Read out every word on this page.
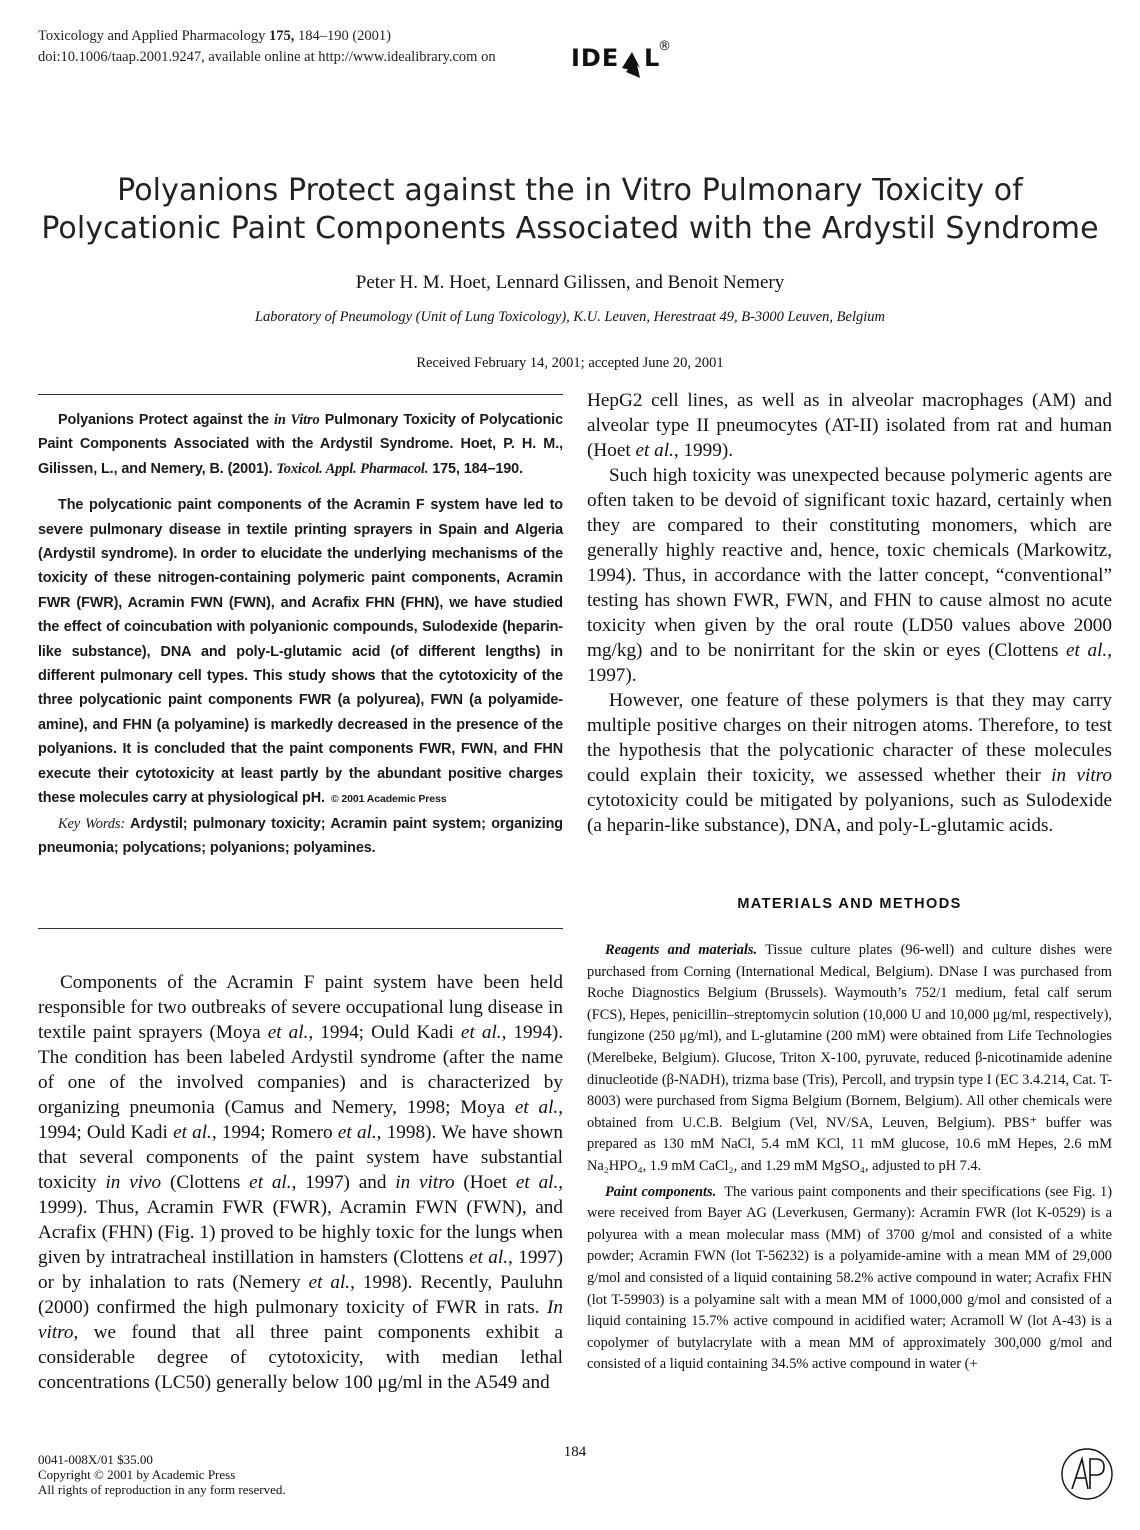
Toxicology and Applied Pharmacology 175, 184–190 (2001)
doi:10.1006/taap.2001.9247, available online at http://www.idealibrary.com on	IDE L
®
Polyanions Protect against the in Vitro Pulmonary Toxicity of
Polycationic Paint Components Associated with the Ardystil Syndrome
Peter H. M. Hoet, Lennard Gilissen, and Benoit Nemery
Laboratory of Pneumology (Unit of Lung Toxicology), K.U. Leuven, Herestraat 49, B-3000 Leuven, Belgium
Received February 14, 2001; accepted June 20, 2001

Polyanions Protect against the in Vitro Pulmonary Toxicity of Polycationic Paint Components Associated with the Ardystil Syndrome. Hoet, P. H. M., Gilissen, L., and Nemery, B. (2001). Toxicol. Appl. Pharmacol. 175, 184–190.

The polycationic paint components of the Acramin F system have led to severe pulmonary disease in textile printing sprayers in Spain and Algeria (Ardystil syndrome). In order to elucidate the underlying mechanisms of the toxicity of these nitrogen-containing polymeric paint components, Acramin FWR (FWR), Acramin FWN (FWN), and Acrafix FHN (FHN), we have studied the effect of coincubation with polyanionic compounds, Sulodexide (heparin-like substance), DNA and poly-L-glutamic acid (of different lengths) in different pulmonary cell types. This study shows that the cytotoxicity of the three polycationic paint components FWR (a polyurea), FWN (a polyamide-amine), and FHN (a polyamine) is markedly decreased in the presence of the polyanions. It is concluded that the paint components FWR, FWN, and FHN execute their cytotoxicity at least partly by the abundant positive charges these molecules carry at physiological pH. © 2001 Academic Press

Key Words: Ardystil; pulmonary toxicity; Acramin paint system; organizing pneumonia; polycations; polyanions; polyamines.

Components of the Acramin F paint system have been held responsible for two outbreaks of severe occupational lung disease in textile paint sprayers (Moya et al., 1994; Ould Kadi et al., 1994). The condition has been labeled Ardystil syndrome (after the name of one of the involved companies) and is characterized by organizing pneumonia (Camus and Nemery, 1998; Moya et al., 1994; Ould Kadi et al., 1994; Romero et al., 1998). We have shown that several components of the paint system have substantial toxicity in vivo (Clottens et al., 1997) and in vitro (Hoet et al., 1999). Thus, Acramin FWR (FWR), Acramin FWN (FWN), and Acrafix (FHN) (Fig. 1) proved to be highly toxic for the lungs when given by intratracheal instillation in hamsters (Clottens et al., 1997) or by inhalation to rats (Nemery et al., 1998). Recently, Pauluhn (2000) confirmed the high pulmonary toxicity of FWR in rats. In vitro, we found that all three paint components exhibit a considerable degree of cytotoxicity, with median lethal concentrations (LC50) generally below 100 μg/ml in the A549 and

HepG2 cell lines, as well as in alveolar macrophages (AM) and alveolar type II pneumocytes (AT-II) isolated from rat and human (Hoet et al., 1999).

Such high toxicity was unexpected because polymeric agents are often taken to be devoid of significant toxic hazard, certainly when they are compared to their constituting monomers, which are generally highly reactive and, hence, toxic chemicals (Markowitz, 1994). Thus, in accordance with the latter concept, “conventional” testing has shown FWR, FWN, and FHN to cause almost no acute toxicity when given by the oral route (LD50 values above 2000 mg/kg) and to be nonirritant for the skin or eyes (Clottens et al., 1997).

However, one feature of these polymers is that they may carry multiple positive charges on their nitrogen atoms. Therefore, to test the hypothesis that the polycationic character of these molecules could explain their toxicity, we assessed whether their in vitro cytotoxicity could be mitigated by polyanions, such as Sulodexide (a heparin-like substance), DNA, and poly-L-glutamic acids.

MATERIALS AND METHODS

Reagents and materials. Tissue culture plates (96-well) and culture dishes were purchased from Corning (International Medical, Belgium). DNase I was purchased from Roche Diagnostics Belgium (Brussels). Waymouth’s 752/1 medium, fetal calf serum (FCS), Hepes, penicillin–streptomycin solution (10,000 U and 10,000 μg/ml, respectively), fungizone (250 μg/ml), and L-glutamine (200 mM) were obtained from Life Technologies (Merelbeke, Belgium). Glucose, Triton X-100, pyruvate, reduced β-nicotinamide adenine dinucleotide (β-NADH), trizma base (Tris), Percoll, and trypsin type I (EC 3.4.214, Cat. T-8003) were purchased from Sigma Belgium (Bornem, Belgium). All other chemicals were obtained from U.C.B. Belgium (Vel, NV/SA, Leuven, Belgium). PBS⁺ buffer was prepared as 130 mM NaCl, 5.4 mM KCl, 11 mM glucose, 10.6 mM Hepes, 2.6 mM Na₂HPO₄, 1.9 mM CaCl₂, and 1.29 mM MgSO₄, adjusted to pH 7.4.

Paint components. The various paint components and their specifications (see Fig. 1) were received from Bayer AG (Leverkusen, Germany): Acramin FWR (lot K-0529) is a polyurea with a mean molecular mass (MM) of 3700 g/mol and consisted of a white powder; Acramin FWN (lot T-56232) is a polyamide-amine with a mean MM of 29,000 g/mol and consisted of a liquid containing 58.2% active compound in water; Acrafix FHN (lot T-59903) is a polyamine salt with a mean MM of 1000,000 g/mol and consisted of a liquid containing 15.7% active compound in acidified water; Acramoll W (lot A-43) is a copolymer of butylacrylate with a mean MM of approximately 300,000 g/mol and consisted of a liquid containing 34.5% active compound in water (+

184
0041-008X/01 $35.00
Copyright © 2001 by Academic Press
All rights of reproduction in any form reserved.
